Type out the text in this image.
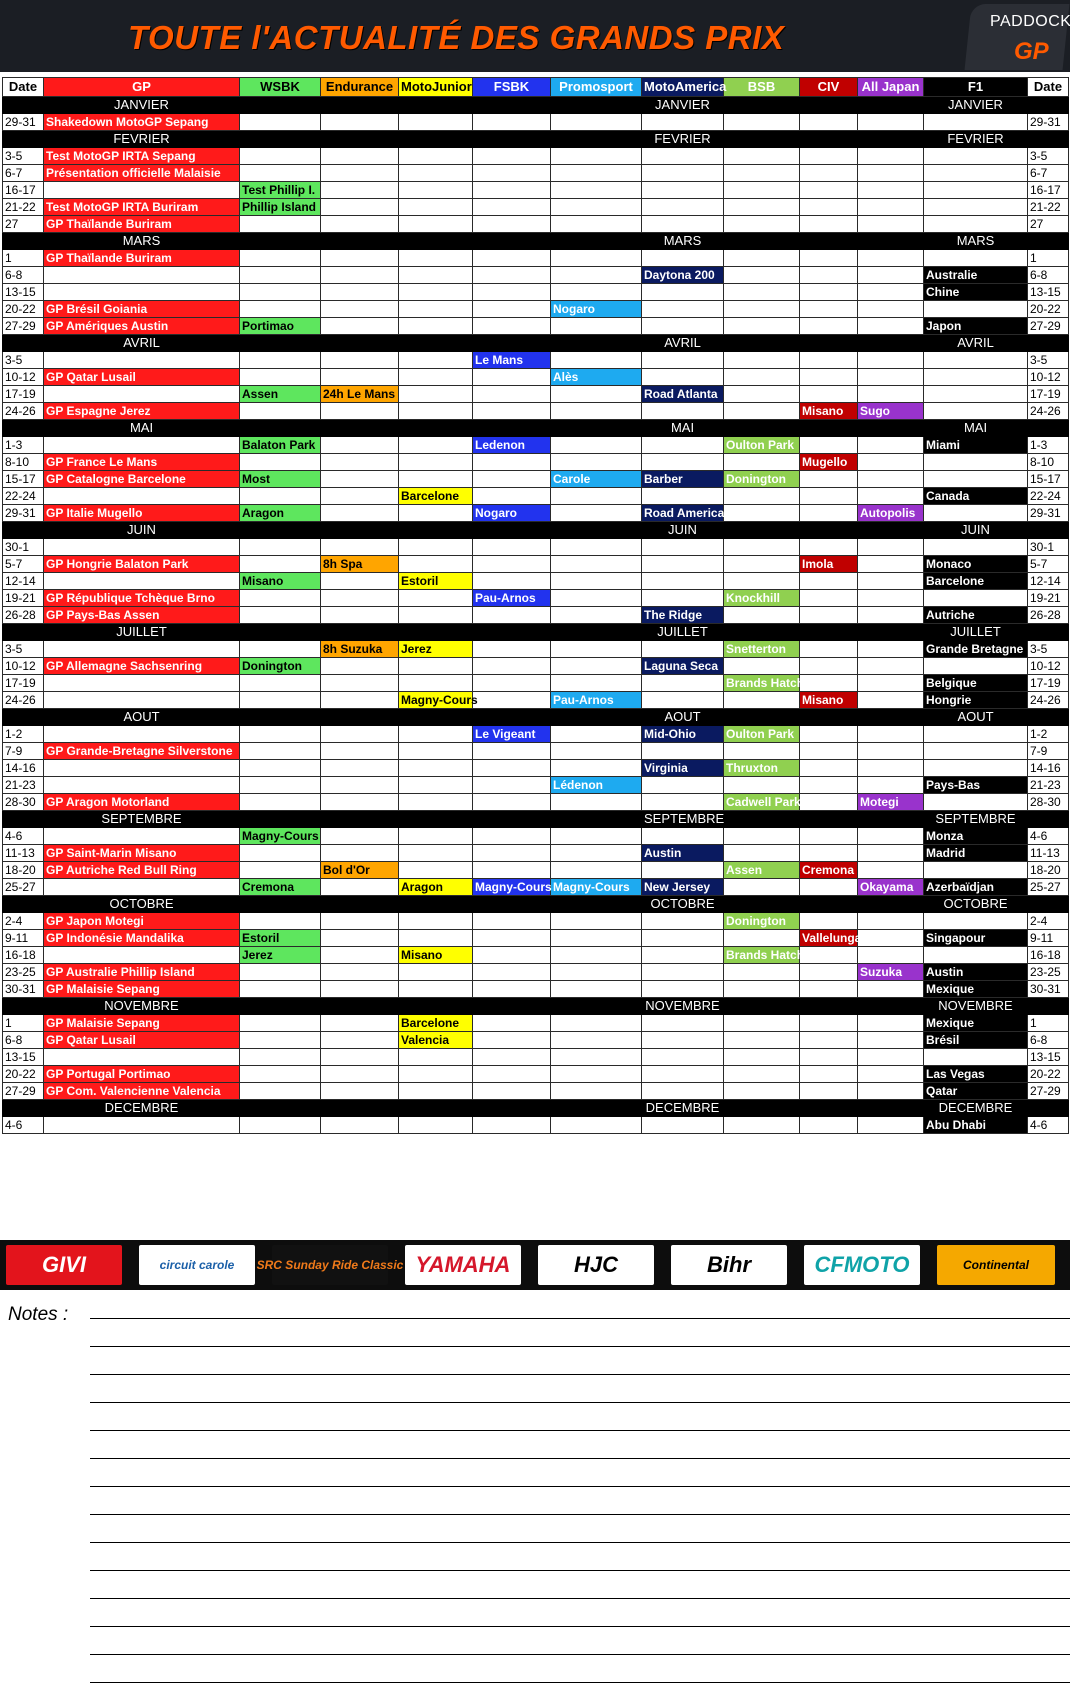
TOUTE l'ACTUALITÉ DES GRANDS PRIX	PADDOCK
GP
Date	GP	WSBK	Endurance	MotoJunior	FSBK	Promosport	MotoAmerica	BSB	CIV	All Japan	F1	Date
	JANVIER						JANVIER				JANVIER	
29-31	Shakedown MotoGP Sepang											29-31
	FEVRIER						FEVRIER				FEVRIER	
3-5	Test MotoGP IRTA Sepang											3-5
6-7	Présentation officielle Malaisie											6-7
16-17		Test Phillip I.										16-17
21-22	Test MotoGP IRTA Buriram	Phillip Island										21-22
27	GP Thaïlande Buriram											27
	MARS						MARS				MARS	
1	GP Thaïlande Buriram											1
6-8							Daytona 200				Australie	6-8
13-15											Chine	13-15
20-22	GP Brésil Goiania					Nogaro						20-22
27-29	GP Amériques Austin	Portimao									Japon	27-29
	AVRIL						AVRIL				AVRIL	
3-5					Le Mans							3-5
10-12	GP Qatar Lusail					Alès						10-12
17-19		Assen	24h Le Mans				Road Atlanta					17-19
24-26	GP Espagne Jerez								Misano	Sugo		24-26
	MAI						MAI				MAI	
1-3		Balaton Park			Ledenon			Oulton Park			Miami	1-3
8-10	GP France Le Mans								Mugello			8-10
15-17	GP Catalogne Barcelone	Most				Carole	Barber	Donington				15-17
22-24				Barcelone							Canada	22-24
29-31	GP Italie Mugello	Aragon			Nogaro		Road America			Autopolis		29-31
	JUIN						JUIN				JUIN	
30-1												30-1
5-7	GP Hongrie Balaton Park		8h Spa						Imola		Monaco	5-7
12-14		Misano		Estoril							Barcelone	12-14
19-21	GP République Tchèque Brno				Pau-Arnos			Knockhill				19-21
26-28	GP Pays-Bas Assen						The Ridge				Autriche	26-28
	JUILLET						JUILLET				JUILLET	
3-5			8h Suzuka	Jerez				Snetterton			Grande Bretagne	3-5
10-12	GP Allemagne Sachsenring	Donington					Laguna Seca					10-12
17-19								Brands Hatch			Belgique	17-19
24-26				Magny-Cours		Pau-Arnos			Misano		Hongrie	24-26
	AOUT						AOUT				AOUT	
1-2					Le Vigeant		Mid-Ohio	Oulton Park				1-2
7-9	GP Grande-Bretagne Silverstone											7-9
14-16							Virginia	Thruxton				14-16
21-23						Lédenon					Pays-Bas	21-23
28-30	GP Aragon Motorland							Cadwell Park		Motegi		28-30
	SEPTEMBRE						SEPTEMBRE				SEPTEMBRE	
4-6		Magny-Cours									Monza	4-6
11-13	GP Saint-Marin Misano						Austin				Madrid	11-13
18-20	GP Autriche Red Bull Ring		Bol d'Or					Assen	Cremona			18-20
25-27		Cremona		Aragon	Magny-Cours	Magny-Cours	New Jersey			Okayama	Azerbaïdjan	25-27
	OCTOBRE						OCTOBRE				OCTOBRE	
2-4	GP Japon Motegi							Donington				2-4
9-11	GP Indonésie Mandalika	Estoril							Vallelunga		Singapour	9-11
16-18		Jerez		Misano				Brands Hatch				16-18
23-25	GP Australie Phillip Island									Suzuka	Austin	23-25
30-31	GP Malaisie Sepang										Mexique	30-31
	NOVEMBRE						NOVEMBRE				NOVEMBRE	
1	GP Malaisie Sepang			Barcelone							Mexique	1
6-8	GP Qatar Lusail			Valencia							Brésil	6-8
13-15												13-15
20-22	GP Portugal Portimao										Las Vegas	20-22
27-29	GP Com. Valencienne Valencia										Qatar	27-29
	DECEMBRE						DECEMBRE				DECEMBRE	
4-6											Abu Dhabi	4-6
GIVI	circuit carole	SRC Sunday Ride Classic YAMAHA	HJC	Bihr	CFMOTO	Continental
Notes :
